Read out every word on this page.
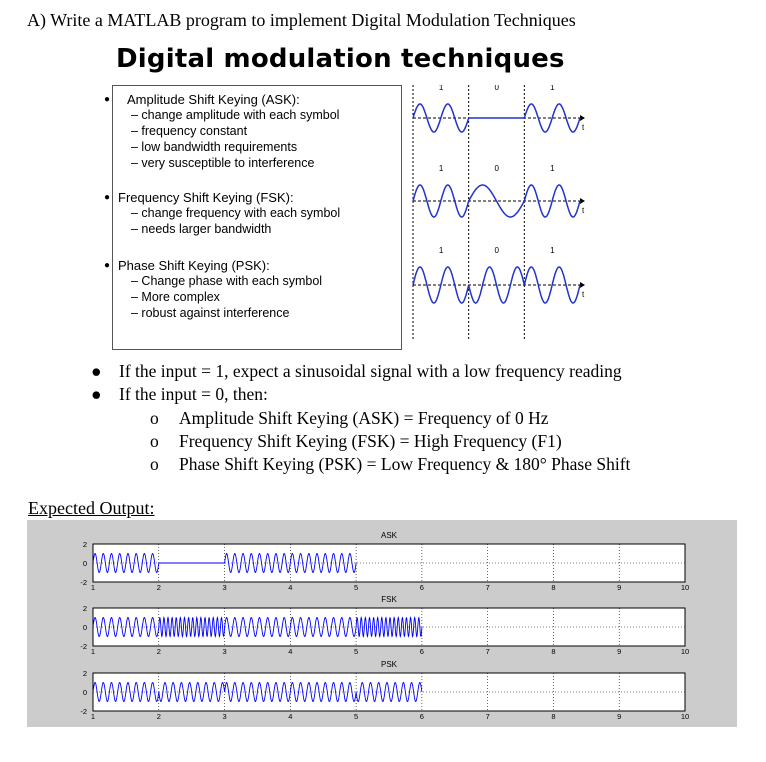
A) Write a MATLAB program to implement Digital Modulation Techniques
Digital modulation techniques
● Amplitude Shift Keying (ASK):
– change amplitude with each symbol
– frequency constant
– low bandwidth requirements
– very susceptible to interference
● Frequency Shift Keying (FSK):
– change frequency with each symbol
– needs larger bandwidth
● Phase Shift Keying (PSK):
– Change phase with each symbol
– More complex
– robust against interference
t
1	0	1
t
1	0	1
t
1	0	1
● If the input = 1, expect a sinusoidal signal with a low frequency reading
● If the input = 0, then:
o Amplitude Shift Keying (ASK) = Frequency of 0 Hz
o Frequency Shift Keying (FSK) = High Frequency (F1)
o Phase Shift Keying (PSK) = Low Frequency & 180° Phase Shift
Expected Output:
ASK
1	2	3	4	5	6	7	8	9	10
2
0
-2
FSK
1	2	3	4	5	6	7	8	9	10
2
0
-2
PSK
1	2	3	4	5	6	7	8	9	10
2
0
-2
